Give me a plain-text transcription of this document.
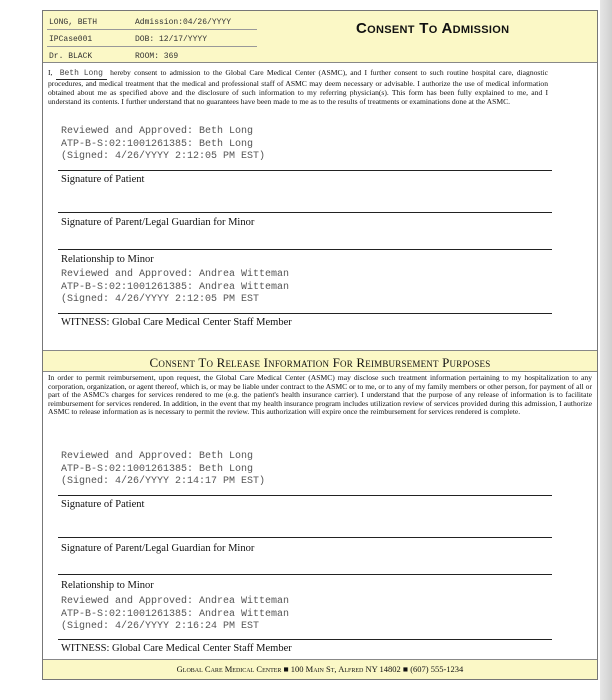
LONG, BETH
IPCase001
Dr. BLACK
Admission:04/26/YYYY
DOB: 12/17/YYYY
ROOM: 369
Consent To Admission
I, Beth Long hereby consent to admission to the Global Care Medical Center (ASMC), and I further consent to such routine hospital care, diagnostic procedures, and medical treatment that the medical and professional staff of ASMC may deem necessary or advisable. I authorize the use of medical information obtained about me as specified above and the disclosure of such information to my referring physician(s). This form has been fully explained to me, and I understand its contents. I further understand that no guarantees have been made to me as to the results of treatments or examinations done at the ASMC.
Reviewed and Approved: Beth Long
ATP-B-S:02:1001261385: Beth Long
(Signed: 4/26/YYYY 2:12:05 PM EST)
Signature of Patient
Signature of Parent/Legal Guardian for Minor
Relationship to Minor
Reviewed and Approved: Andrea Witteman
ATP-B-S:02:1001261385: Andrea Witteman
(Signed: 4/26/YYYY 2:12:05 PM EST
WITNESS: Global Care Medical Center Staff Member
Consent To Release Information For Reimbursement Purposes
In order to permit reimbursement, upon request, the Global Care Medical Center (ASMC) may disclose such treatment information pertaining to my hospitalization to any corporation, organization, or agent thereof, which is, or may be liable under contract to the ASMC or to me, or to any of my family members or other person, for payment of all or part of the ASMC's charges for services rendered to me (e.g. the patient's health insurance carrier). I understand that the purpose of any release of information is to facilitate reimbursement for services rendered. In addition, in the event that my health insurance program includes utilization review of services provided during this admission, I authorize ASMC to release information as is necessary to permit the review. This authorization will expire once the reimbursement for services rendered is complete.
Reviewed and Approved: Beth Long
ATP-B-S:02:1001261385: Beth Long
(Signed: 4/26/YYYY 2:14:17 PM EST)
Signature of Patient
Signature of Parent/Legal Guardian for Minor
Relationship to Minor
Reviewed and Approved: Andrea Witteman
ATP-B-S:02:1001261385: Andrea Witteman
(Signed: 4/26/YYYY 2:16:24 PM EST
WITNESS: Global Care Medical Center Staff Member
Global Care Medical Center ■ 100 Main St, Alfred NY 14802 ■ (607) 555-1234
